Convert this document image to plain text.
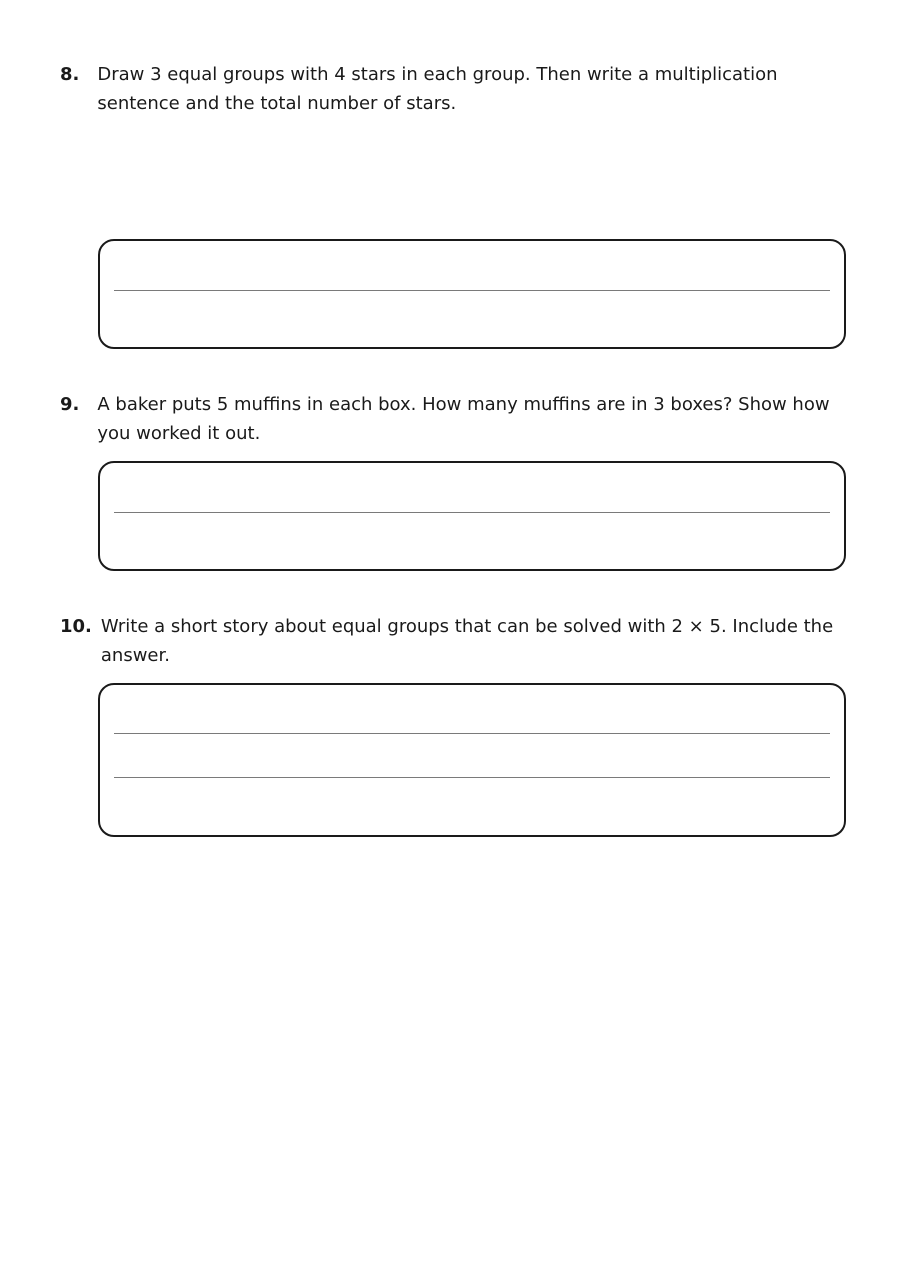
8. Draw 3 equal groups with 4 stars in each group. Then write a multiplication sentence and the total number of stars.
9. A baker puts 5 muffins in each box. How many muffins are in 3 boxes? Show how you worked it out.
10. Write a short story about equal groups that can be solved with 2 × 5. Include the answer.
